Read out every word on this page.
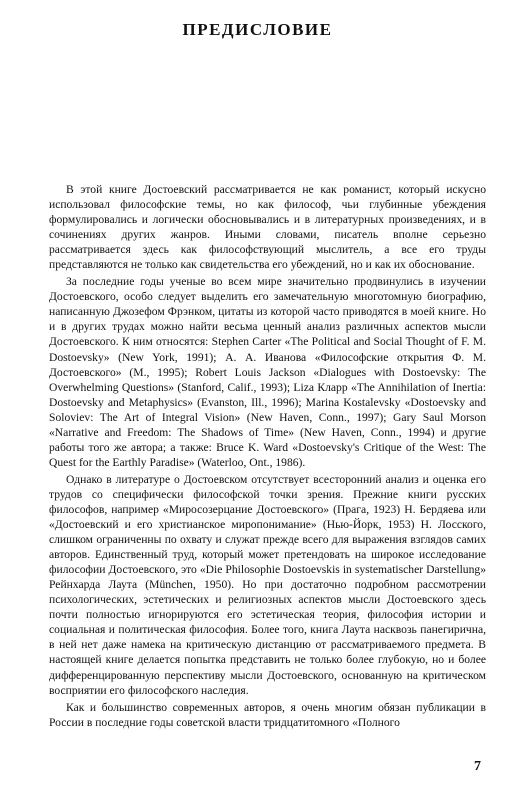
ПРЕДИСЛОВИЕ

В этой книге Достоевский рассматривается не как романист, который искусно использовал философские темы, но как философ, чьи глубинные убеждения формулировались и логически обосновывались и в литературных произведениях, и в сочинениях других жанров. Иными словами, писатель вполне серьезно рассматривается здесь как философствующий мыслитель, а все его труды представляются не только как свидетельства его убеждений, но и как их обоснование.

За последние годы ученые во всем мире значительно продвинулись в изучении Достоевского, особо следует выделить его замечательную многотомную биографию, написанную Джозефом Фрэнком, цитаты из которой часто приводятся в моей книге. Но и в других трудах можно найти весьма ценный анализ различных аспектов мысли Достоевского. К ним относятся: Stephen Carter «The Political and Social Thought of F. M. Dostoevsky» (New York, 1991); А. А. Иванова «Философские открытия Ф. М. Достоевского» (М., 1995); Robert Louis Jackson «Dialogues with Dostoevsky: The Overwhelming Questions» (Stanford, Calif., 1993); Liza Клapp «The Annihilation of Inertia: Dostoevsky and Metaphysics» (Evanston, Ill., 1996); Marina Kostalevsky «Dostoevsky and Soloviev: The Art of Integral Vision» (New Haven, Conn., 1997); Gary Saul Morson «Narrative and Freedom: The Shadows of Time» (New Haven, Conn., 1994) и другие работы того же автора; а также: Bruce K. Ward «Dostoevsky's Critique of the West: The Quest for the Earthly Paradise» (Waterloo, Ont., 1986).

Однако в литературе о Достоевском отсутствует всесторонний анализ и оценка его трудов со специфически философской точки зрения. Прежние книги русских философов, например «Миросозерцание Достоевского» (Прага, 1923) Н. Бердяева или «Достоевский и его христианское миропонимание» (Нью-Йорк, 1953) Н. Лосского, слишком ограниченны по охвату и служат прежде всего для выражения взглядов самих авторов. Единственный труд, который может претендовать на широкое исследование философии Достоевского, это «Die Philosophie Dostoevskis in systematischer Darstellung» Рейнхарда Лаута (München, 1950). Но при достаточно подробном рассмотрении психологических, эстетических и религиозных аспектов мысли Достоевского здесь почти полностью игнорируются его эстетическая теория, философия истории и социальная и политическая философия. Более того, книга Лаута насквозь панегирична, в ней нет даже намека на критическую дистанцию от рассматриваемого предмета. В настоящей книге делается попытка представить не только более глубокую, но и более дифференцированную перспективу мысли Достоевского, основанную на критическом восприятии его философского наследия.

Как и большинство современных авторов, я очень многим обязан публикации в России в последние годы советской власти тридцатитомного «Полного

7
